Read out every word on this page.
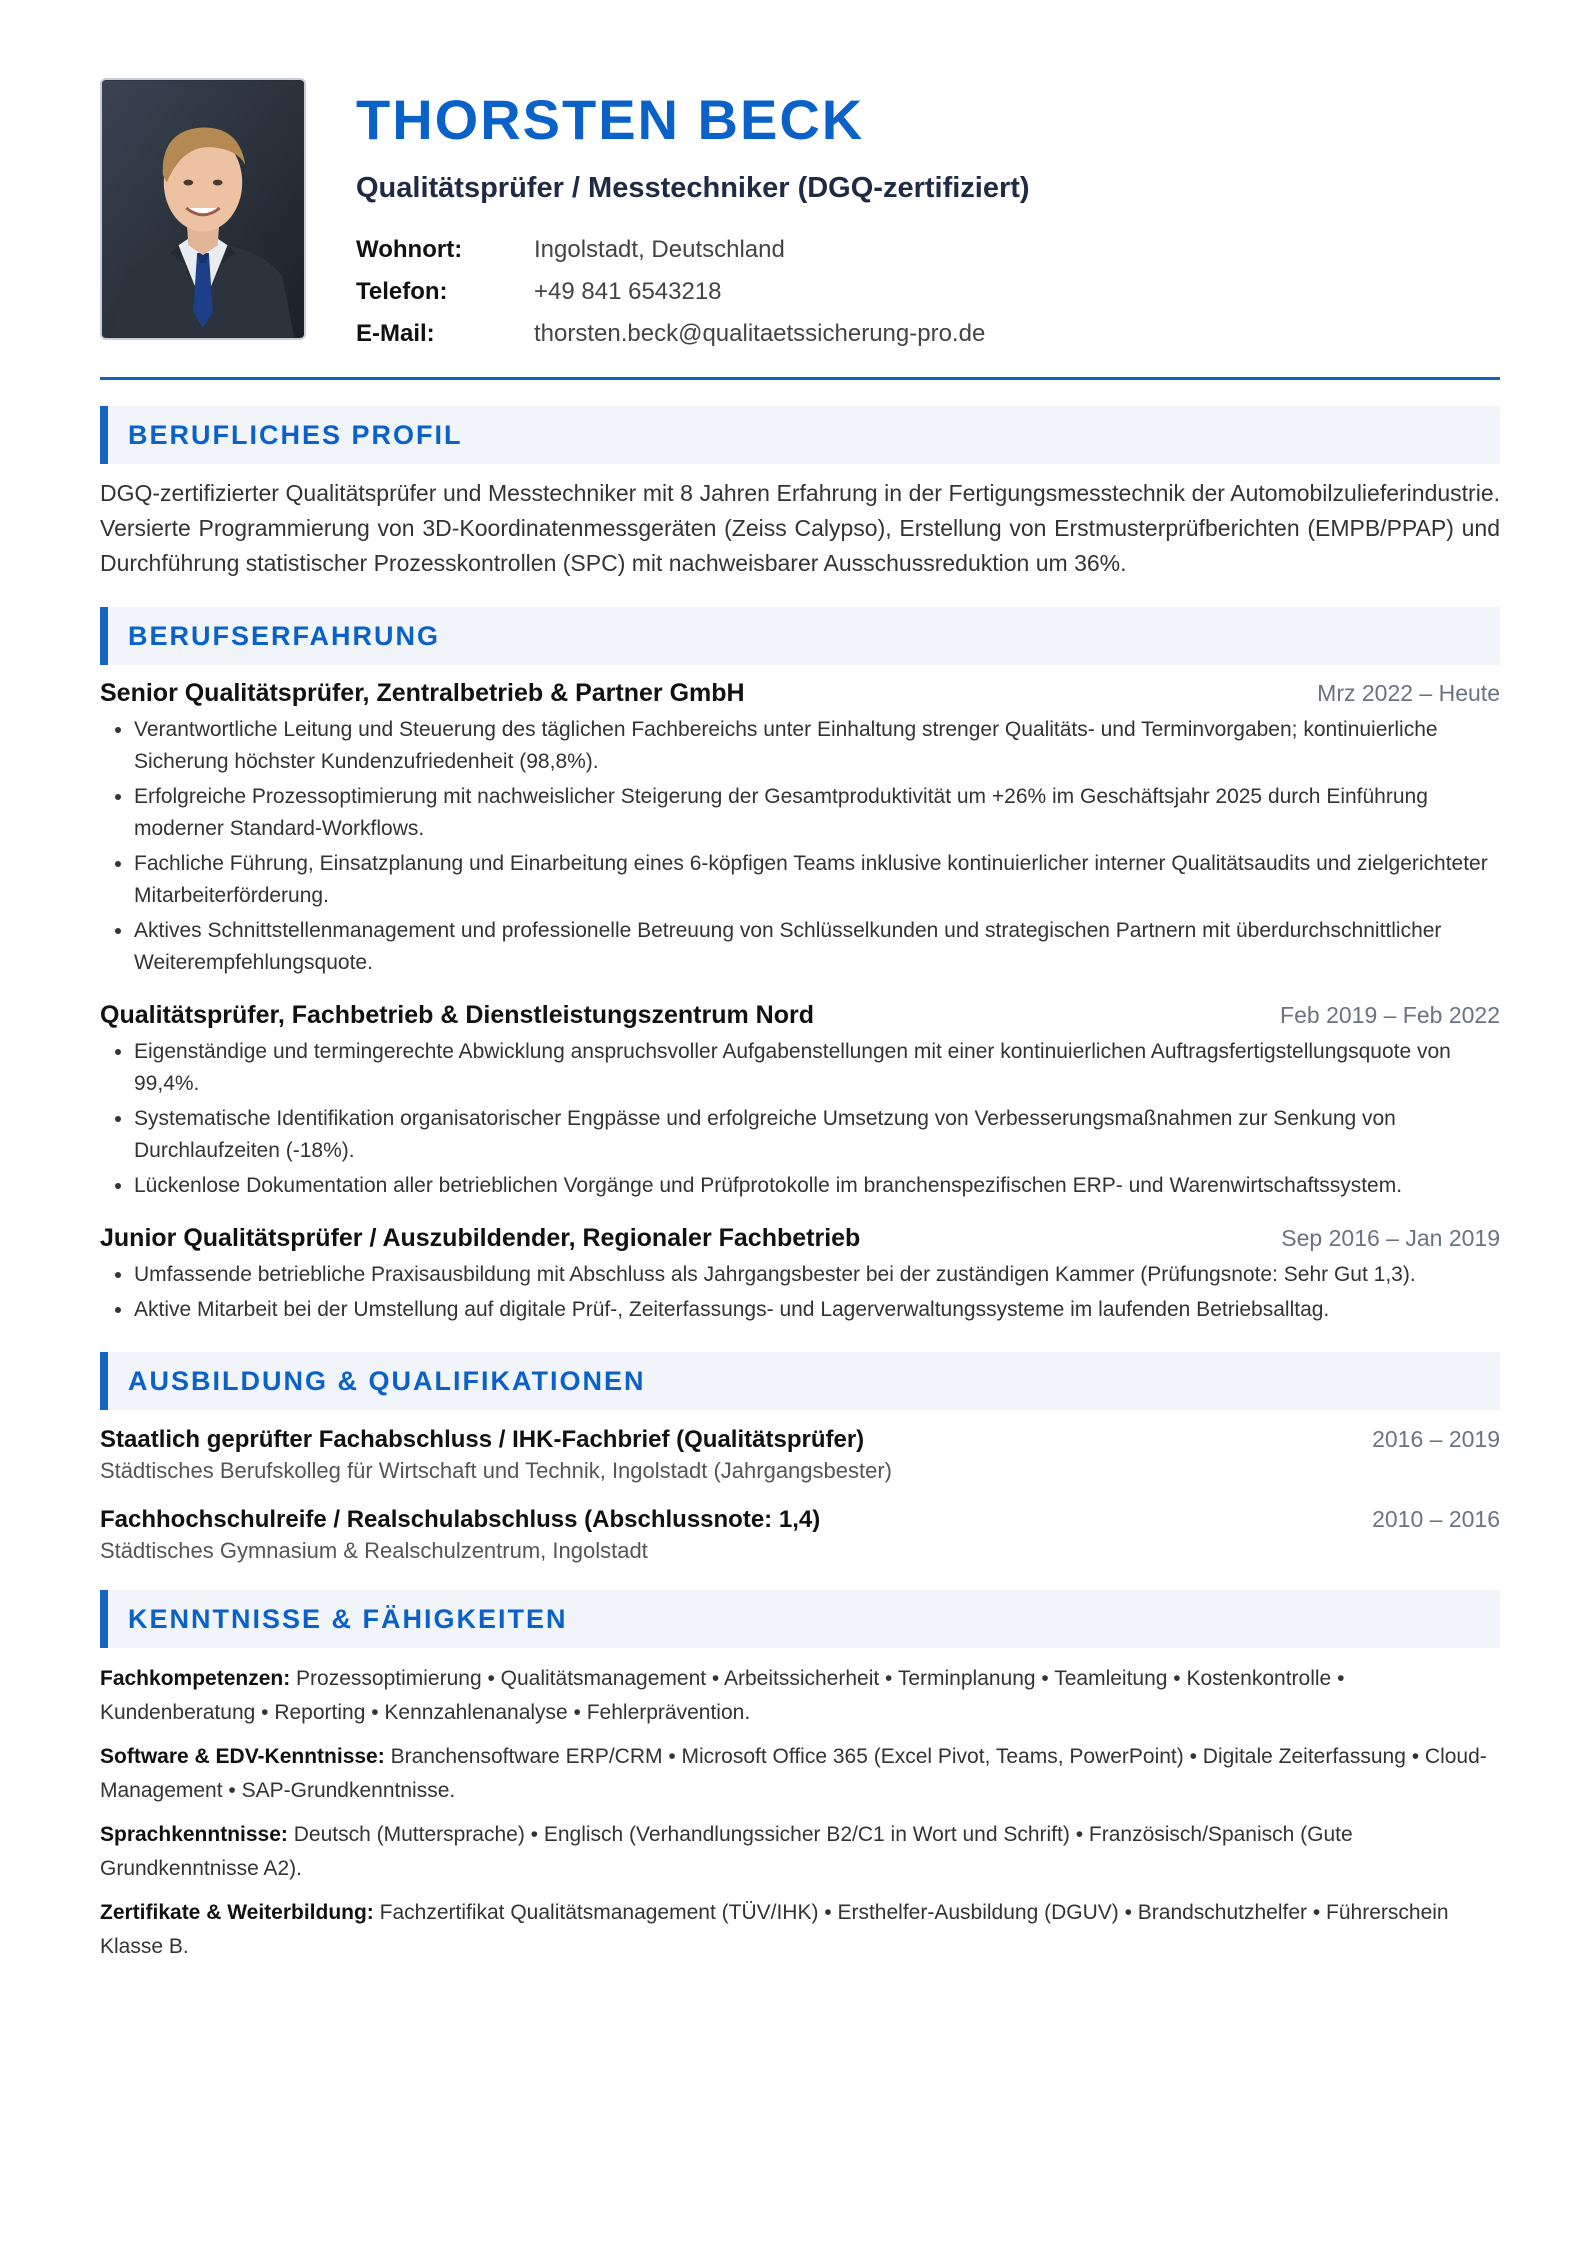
THORSTEN BECK
Qualitätsprüfer / Messtechniker (DGQ-zertifiziert)
Wohnort:	Ingolstadt, Deutschland
Telefon:	+49 841 6543218
E-Mail:	thorsten.beck@qualitaetssicherung-pro.de
BERUFLICHES PROFIL
DGQ-zertifizierter Qualitätsprüfer und Messtechniker mit 8 Jahren Erfahrung in der Fertigungsmesstechnik der Automobilzulieferindustrie. Versierte Programmierung von 3D-Koordinatenmessgeräten (Zeiss Calypso), Erstellung von Erstmusterprüfberichten (EMPB/PPAP) und Durchführung statistischer Prozesskontrollen (SPC) mit nachweisbarer Ausschussreduktion um 36%.
BERUFSERFAHRUNG
Senior Qualitätsprüfer, Zentralbetrieb & Partner GmbH	Mrz 2022 – Heute
• Verantwortliche Leitung und Steuerung des täglichen Fachbereichs unter Einhaltung strenger Qualitäts- und Terminvorgaben; kontinuierliche Sicherung höchster Kundenzufriedenheit (98,8%).
• Erfolgreiche Prozessoptimierung mit nachweislicher Steigerung der Gesamtproduktivität um +26% im Geschäftsjahr 2025 durch Einführung moderner Standard-Workflows.
• Fachliche Führung, Einsatzplanung und Einarbeitung eines 6-köpfigen Teams inklusive kontinuierlicher interner Qualitätsaudits und zielgerichteter Mitarbeiterförderung.
• Aktives Schnittstellenmanagement und professionelle Betreuung von Schlüsselkunden und strategischen Partnern mit überdurchschnittlicher Weiterempfehlungsquote.
Qualitätsprüfer, Fachbetrieb & Dienstleistungszentrum Nord	Feb 2019 – Feb 2022
• Eigenständige und termingerechte Abwicklung anspruchsvoller Aufgabenstellungen mit einer kontinuierlichen Auftragsfertigstellungsquote von 99,4%.
• Systematische Identifikation organisatorischer Engpässe und erfolgreiche Umsetzung von Verbesserungsmaßnahmen zur Senkung von Durchlaufzeiten (-18%).
• Lückenlose Dokumentation aller betrieblichen Vorgänge und Prüfprotokolle im branchenspezifischen ERP- und Warenwirtschaftssystem.
Junior Qualitätsprüfer / Auszubildender, Regionaler Fachbetrieb	Sep 2016 – Jan 2019
• Umfassende betriebliche Praxisausbildung mit Abschluss als Jahrgangsbester bei der zuständigen Kammer (Prüfungsnote: Sehr Gut 1,3).
• Aktive Mitarbeit bei der Umstellung auf digitale Prüf-, Zeiterfassungs- und Lagerverwaltungssysteme im laufenden Betriebsalltag.
AUSBILDUNG & QUALIFIKATIONEN
Staatlich geprüfter Fachabschluss / IHK-Fachbrief (Qualitätsprüfer)	2016 – 2019
Städtisches Berufskolleg für Wirtschaft und Technik, Ingolstadt (Jahrgangsbester)
Fachhochschulreife / Realschulabschluss (Abschlussnote: 1,4)	2010 – 2016
Städtisches Gymnasium & Realschulzentrum, Ingolstadt
KENNTNISSE & FÄHIGKEITEN
Fachkompetenzen: Prozessoptimierung • Qualitätsmanagement • Arbeitssicherheit • Terminplanung • Teamleitung • Kostenkontrolle • Kundenberatung • Reporting • Kennzahlenanalyse • Fehlerprävention.
Software & EDV-Kenntnisse: Branchensoftware ERP/CRM • Microsoft Office 365 (Excel Pivot, Teams, PowerPoint) • Digitale Zeiterfassung • Cloud-Management • SAP-Grundkenntnisse.
Sprachkenntnisse: Deutsch (Muttersprache) • Englisch (Verhandlungssicher B2/C1 in Wort und Schrift) • Französisch/Spanisch (Gute Grundkenntnisse A2).
Zertifikate & Weiterbildung: Fachzertifikat Qualitätsmanagement (TÜV/IHK) • Ersthelfer-Ausbildung (DGUV) • Brandschutzhelfer • Führerschein Klasse B.
